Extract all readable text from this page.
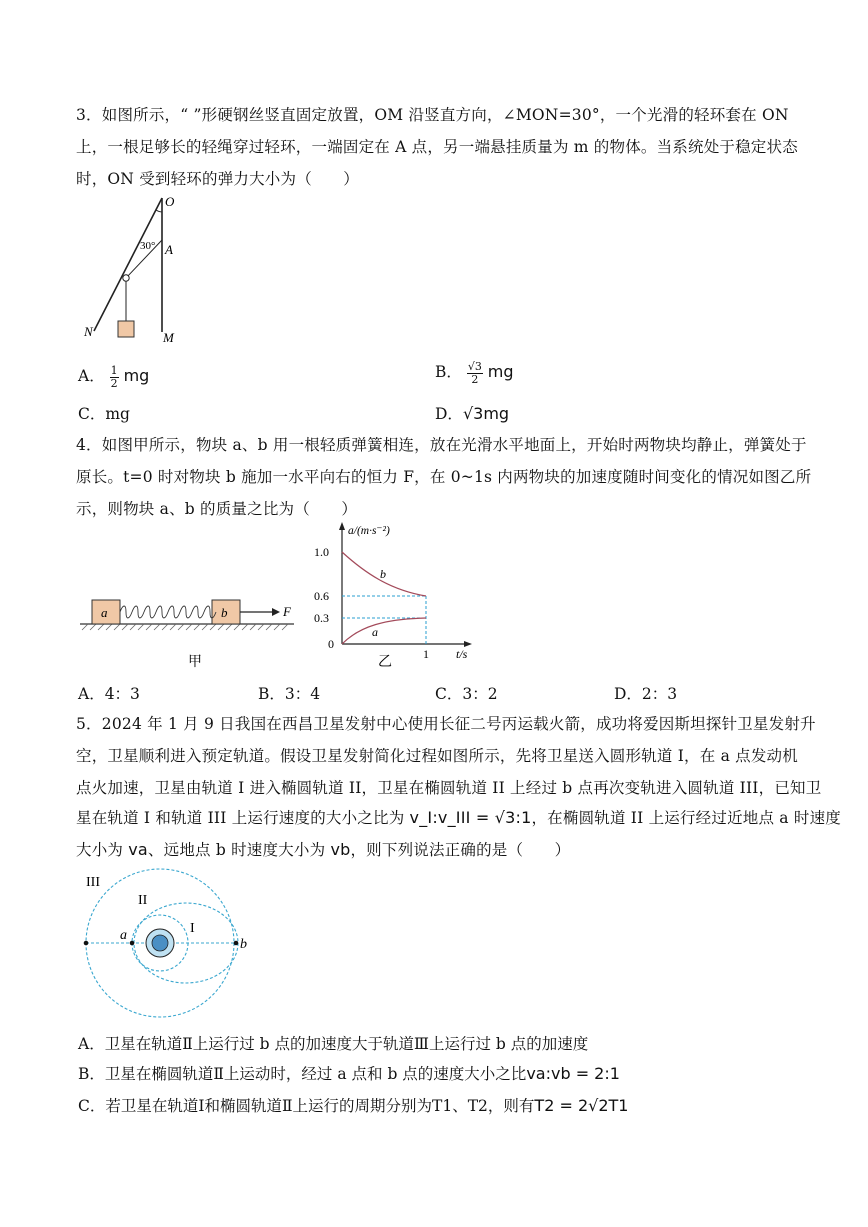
3．如图所示，“ ”形硬钢丝竖直固定放置，OM 沿竖直方向，∠MON=30°，一个光滑的轻环套在 ON
上，一根足够长的轻绳穿过轻环，一端固定在 A 点，另一端悬挂质量为 m 的物体。当系统处于稳定状态
时，ON 受到轻环的弹力大小为（　　）
O
30° A
N	M
A． $\frac{1}{2}$ mg	B． $\frac{√3}{2}$ mg
C．mg	D．√3mg
4．如图甲所示，物块 a、b 用一根轻质弹簧相连，放在光滑水平地面上，开始时两物块均静止，弹簧处于
原长。t=0 时对物块 b 施加一水平向右的恒力 F，在 0~1s 内两物块的加速度随时间变化的情况如图乙所
示，则物块 a、b 的质量之比为（　　）
a	b	F
甲
a/(m·s⁻²)
1.0
0.6
0.3
0
1 t/s
b
a
乙
A．4：3	B．3：4	C．3：2	D．2：3
5．2024 年 1 月 9 日我国在西昌卫星发射中心使用长征二号丙运载火箭，成功将爱因斯坦探针卫星发射升
空，卫星顺利进入预定轨道。假设卫星发射简化过程如图所示，先将卫星送入圆形轨道 I，在 a 点发动机
点火加速，卫星由轨道 I 进入椭圆轨道 II，卫星在椭圆轨道 II 上经过 b 点再次变轨进入圆轨道 III，已知卫
星在轨道 I 和轨道 III 上运行速度的大小之比为 v_I:v_III = √3:1，在椭圆轨道 II 上运行经过近地点 a 时速度
大小为 va、远地点 b 时速度大小为 vb，则下列说法正确的是（　　）
III
II
I
a
b
A．卫星在轨道Ⅱ上运行过 b 点的加速度大于轨道Ⅲ上运行过 b 点的加速度
B．卫星在椭圆轨道Ⅱ上运动时，经过 a 点和 b 点的速度大小之比va:vb = 2:1
C．若卫星在轨道Ⅰ和椭圆轨道Ⅱ上运行的周期分别为T1、T2，则有T2 = 2√2T1
